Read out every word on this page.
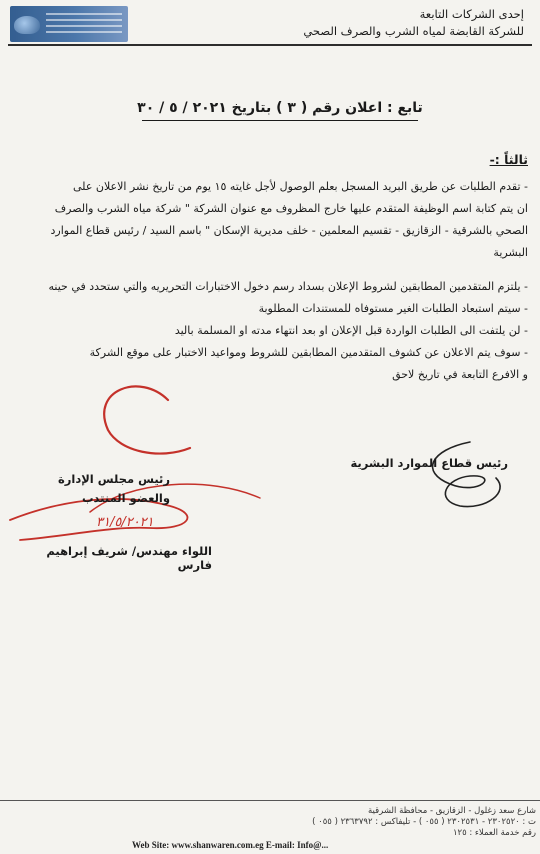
إحدى الشركات التابعة
للشركة القابضة لمياه الشرب والصرف الصحي
تابع : اعلان رقم ( ٣ ) بتاريخ ٢٠٢١ / ٥ / ٣٠
ثالثاً :-
- تقدم الطلبات عن طريق البريد المسجل بعلم الوصول لأجل غايته ١٥ يوم من تاريخ نشر الاعلان على
ان يتم كتابة اسم الوظيفة المتقدم عليها خارج المظروف مع عنوان الشركة " شركة مياه الشرب والصرف
الصحي بالشرقية - الزقازيق - تقسيم المعلمين - خلف مديرية الإسكان " باسم السيد / رئيس قطاع الموارد
البشرية
- يلتزم المتقدمين المطابقين لشروط الإعلان بسداد رسم دخول الاختبارات التحريريه والتي ستحدد في حينه
- سيتم استبعاد الطلبات الغير مستوفاه للمستندات المطلوبة
- لن يلتفت الى الطلبات الواردة قبل الإعلان او بعد انتهاء مدته او المسلمة باليد
- سوف يتم الاعلان عن كشوف المتقدمين المطابقين للشروط ومواعيد الاختبار على موقع الشركة
و الافرع التابعة في تاريخ لاحق
رئيس قطاع الموارد البشرية
رئيس مجلس الإدارة
والعضو المنتدب
٣١/٥/٢٠٢١
اللواء مهندس/ شريف إبراهيم فارس
شارع سعد زغلول - الزقازيق - محافظة الشرقية
ت : ٢٣٠٢٥٢٠ - ٢٣٠٢٥٣١ ( ٠٥٥ ) - تليفاكس : ٢٣٦٣٧٩٢ ( ٠٥٥ )
رقم خدمة العملاء : ١٢٥
Web Site: www.shanwaren.com.eg E-mail: Info@...
